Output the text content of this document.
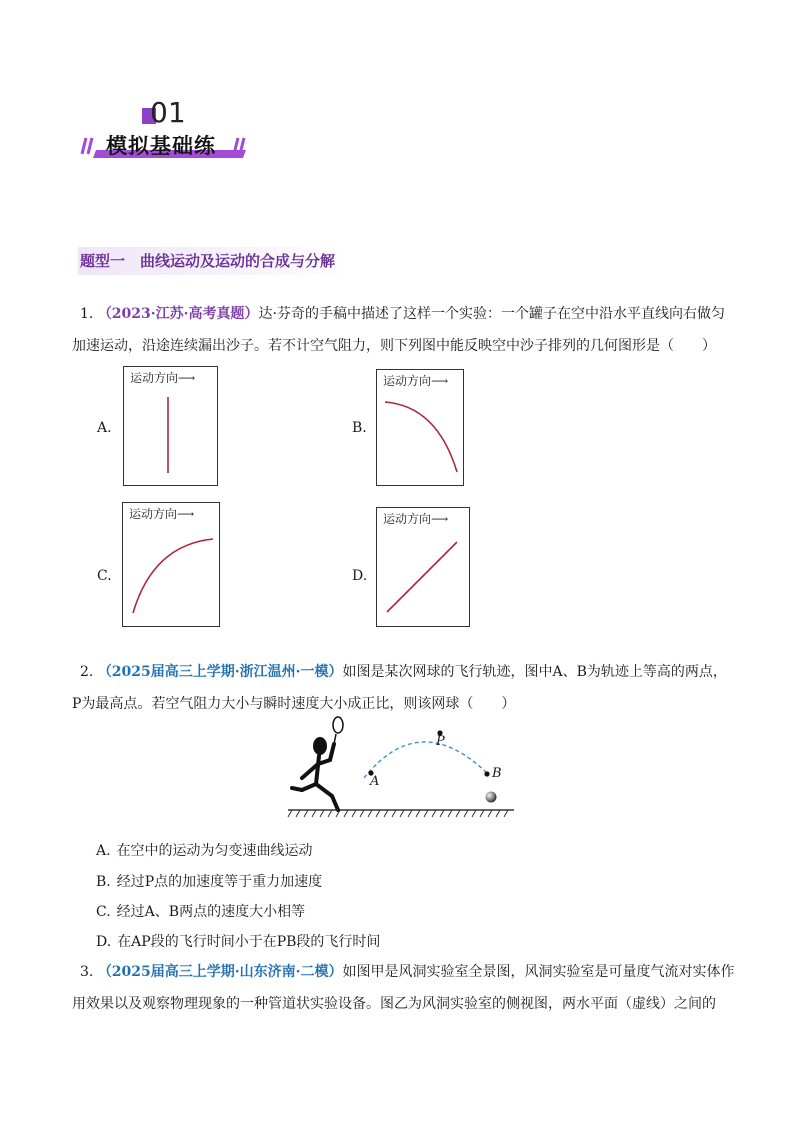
01
模拟基础练
题型一　曲线运动及运动的合成与分解
1. （2023·江苏·高考真题）达·芬奇的手稿中描述了这样一个实验：一个罐子在空中沿水平直线向右做匀
加速运动，沿途连续漏出沙子。若不计空气阻力，则下列图中能反映空中沙子排列的几何图形是（　　）
A.
运动方向⟶
B.
运动方向⟶
C.
运动方向⟶
D.
运动方向⟶
2. （2025届高三上学期·浙江温州·一模）如图是某次网球的飞行轨迹，图中A、B为轨迹上等高的两点，
P为最高点。若空气阻力大小与瞬时速度大小成正比，则该网球（　　）
A
P
B
A. 在空中的运动为匀变速曲线运动
B. 经过P点的加速度等于重力加速度
C. 经过A、B两点的速度大小相等
D. 在AP段的飞行时间小于在PB段的飞行时间
3. （2025届高三上学期·山东济南·二模）如图甲是风洞实验室全景图，风洞实验室是可量度气流对实体作
用效果以及观察物理现象的一种管道状实验设备。图乙为风洞实验室的侧视图，两水平面（虚线）之间的
